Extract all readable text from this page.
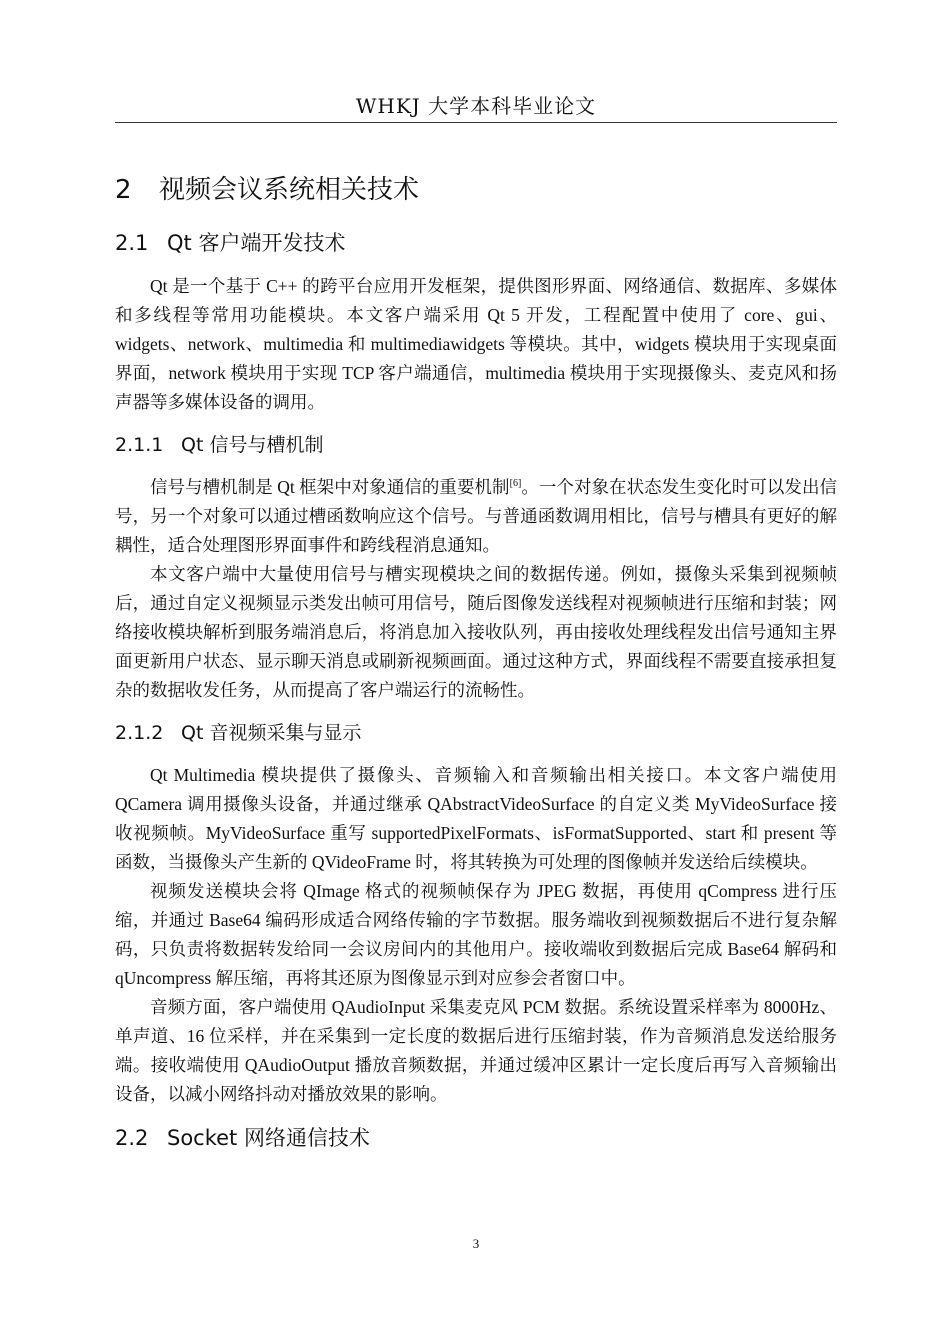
WHKJ 大学本科毕业论文
2 视频会议系统相关技术
2.1 Qt 客户端开发技术

Qt 是一个基于 C++ 的跨平台应用开发框架，提供图形界面、网络通信、数据库、多媒体和多线程等常用功能模块。本文客户端采用 Qt 5 开发，工程配置中使用了 core、gui、widgets、network、multimedia 和 multimediawidgets 等模块。其中，widgets 模块用于实现桌面界面，network 模块用于实现 TCP 客户端通信，multimedia 模块用于实现摄像头、麦克风和扬声器等多媒体设备的调用。

2.1.1 Qt 信号与槽机制

信号与槽机制是 Qt 框架中对象通信的重要机制[6]。一个对象在状态发生变化时可以发出信号，另一个对象可以通过槽函数响应这个信号。与普通函数调用相比，信号与槽具有更好的解耦性，适合处理图形界面事件和跨线程消息通知。

本文客户端中大量使用信号与槽实现模块之间的数据传递。例如，摄像头采集到视频帧后，通过自定义视频显示类发出帧可用信号，随后图像发送线程对视频帧进行压缩和封装；网络接收模块解析到服务端消息后，将消息加入接收队列，再由接收处理线程发出信号通知主界面更新用户状态、显示聊天消息或刷新视频画面。通过这种方式，界面线程不需要直接承担复杂的数据收发任务，从而提高了客户端运行的流畅性。

2.1.2 Qt 音视频采集与显示

Qt Multimedia 模块提供了摄像头、音频输入和音频输出相关接口。本文客户端使用 QCamera 调用摄像头设备，并通过继承 QAbstractVideoSurface 的自定义类 MyVideoSurface 接收视频帧。MyVideoSurface 重写 supportedPixelFormats、isFormatSupported、start 和 present 等函数，当摄像头产生新的 QVideoFrame 时，将其转换为可处理的图像帧并发送给后续模块。

视频发送模块会将 QImage 格式的视频帧保存为 JPEG 数据，再使用 qCompress 进行压缩，并通过 Base64 编码形成适合网络传输的字节数据。服务端收到视频数据后不进行复杂解码，只负责将数据转发给同一会议房间内的其他用户。接收端收到数据后完成 Base64 解码和 qUncompress 解压缩，再将其还原为图像显示到对应参会者窗口中。

音频方面，客户端使用 QAudioInput 采集麦克风 PCM 数据。系统设置采样率为 8000Hz、单声道、16 位采样，并在采集到一定长度的数据后进行压缩封装，作为音频消息发送给服务端。接收端使用 QAudioOutput 播放音频数据，并通过缓冲区累计一定长度后再写入音频输出设备，以减小网络抖动对播放效果的影响。

2.2 Socket 网络通信技术
3
